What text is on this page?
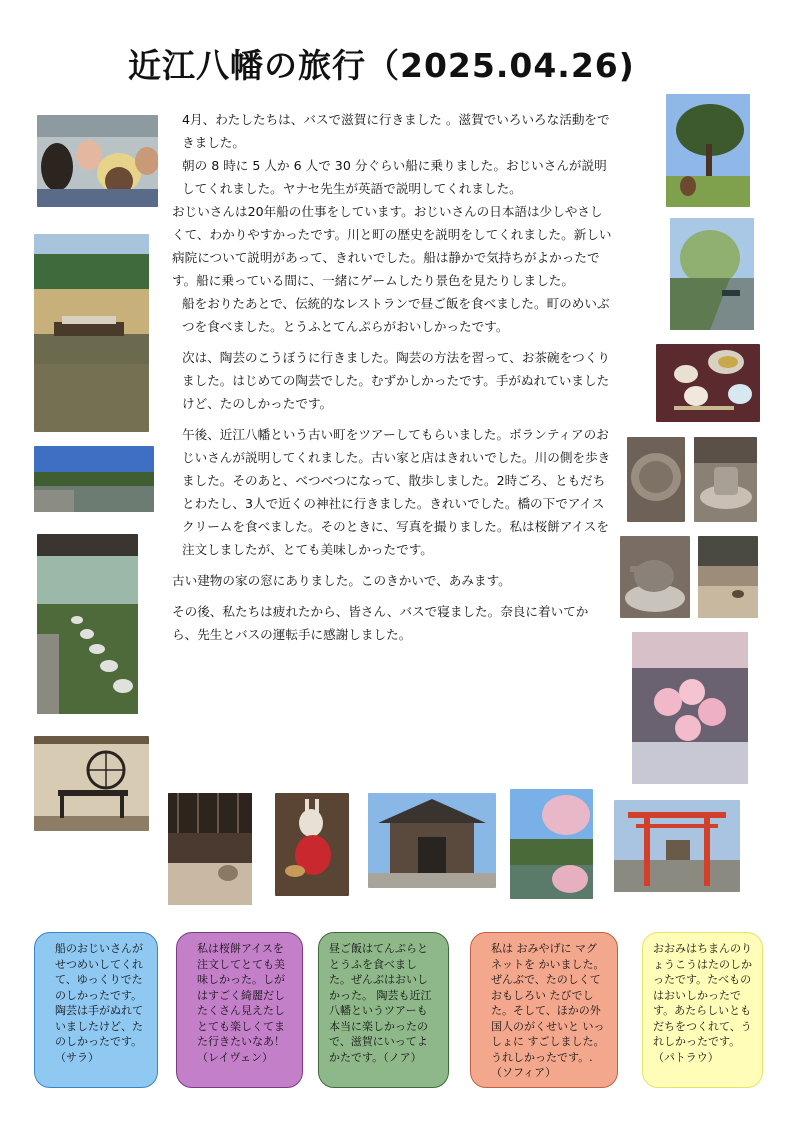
近江八幡の旅行（2025.04.26)

4月、わたしたちは、バスで滋賀に行きました 。滋賀でいろいろな活動をできました。

朝の 8 時に 5 人か 6 人で 30 分ぐらい船に乗りました。おじいさんが説明してくれました。ヤナセ先生が英語で説明してくれました。

おじいさんは20年船の仕事をしています。おじいさんの日本語は少しやさしくて、わかりやすかったです。川と町の歴史を説明をしてくれました。新しい病院について説明があって、きれいでした。船は静かで気持ちがよかったです。船に乗っている間に、一緒にゲームしたり景色を見たりしました。

船をおりたあとで、伝統的なレストランで昼ご飯を食べました。町のめいぶつを食べました。とうふとてんぷらがおいしかったです。

次は、陶芸のこうぼうに行きました。陶芸の方法を習って、お茶碗をつくりました。はじめての陶芸でした。むずかしかったです。手がぬれていましたけど、たのしかったです。

午後、近江八幡という古い町をツアーしてもらいました。ボランティアのおじいさんが説明してくれました。古い家と店はきれいでした。川の側を歩きました。そのあと、べつべつになって、散歩しました。2時ごろ、ともだちとわたし、3人で近くの神社に行きました。きれいでした。橋の下でアイスクリームを食べました。そのときに、写真を撮りました。私は桜餅アイスを注文しましたが、とても美味しかったです。

古い建物の家の窓にありました。このきかいで、あみます。

その後、私たちは疲れたから、皆さん、バスで寝ました。奈良に着いてから、先生とバスの運転手に感謝しました。

船のおじいさんがせつめいしてくれて、ゆっくりでたのしかったです。陶芸は手がぬれていましたけど、たのしかったです。（サラ）

私は桜餅アイスを注文してとても美味しかった。しがはすごく綺麗だしたくさん見えたしとても楽しくてまた行きたいなあ！（レイヴェン）

昼ご飯はてんぷらととうふを食べました。ぜんぶはおいしかった。 陶芸も近江八幡というツアーも本当に楽しかったので、滋賀にいってよかたです。（ノア）

私は おみやげに マグネットを かいました。ぜんぶで、たのしくて おもしろい たびでした。そして、ほかの外国人のがくせいと いっしょに すごしました。うれしかったです。.（ソフィア）

おおみはちまんのりょうこうはたのしかったです。たべものはおいしかったです。あたらしいともだちをつくれて、うれしかったです。（パトラウ）
